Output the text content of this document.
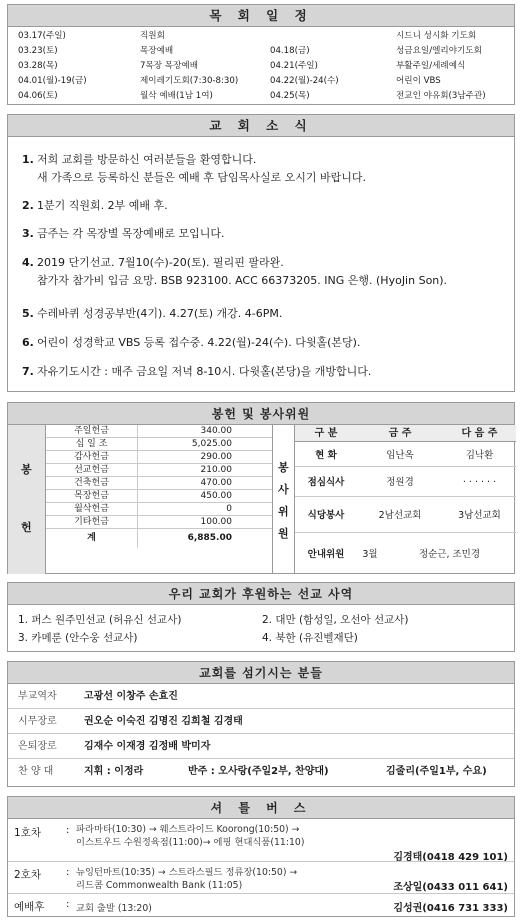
목 회 일 정
03.17(주일)	직원회	시드니 성시화 기도회
03.23(토)	목장예배	04.18(금)	성금요일/엘리야기도회
03.28(목)	7목장 목장예배	04.21(주일)	부활주일/세례예식
04.01(월)-19(금)	제이레기도회(7:30-8:30)	04.22(월)-24(수)	어린이 VBS
04.06(토)	월삭 예배(1남 1여)	04.25(목)	전교인 야유회(3남주관)
교 회 소 식
1. 저희 교회를 방문하신 여러분들을 환영합니다.
새 가족으로 등록하신 분들은 예배 후 담임목사실로 오시기 바랍니다.
2. 1분기 직원회. 2부 예배 후.
3. 금주는 각 목장별 목장예배로 모입니다.
4. 2019 단기선교. 7월10(수)-20(토). 필리핀 팔라완.
참가자 참가비 입금 요망. BSB 923100. ACC 66373205. ING 은행. (HyoJin Son).
5. 수레바퀴 성경공부반(4기). 4.27(토) 개강. 4-6PM.
6. 어린이 성경학교 VBS 등록 접수중. 4.22(월)-24(수). 다윗홀(본당).
7. 자유기도시간 : 매주 금요일 저녁 8-10시. 다윗홀(본당)을 개방합니다.
봉헌 및 봉사위원
봉
헌
주일헌금	340.00
십 일 조	5,025.00
감사헌금	290.00
선교헌금	210.00
건축헌금	470.00
목장헌금	450.00
월삭헌금	0
기타헌금	100.00
계	6,885.00
봉
사
위
원
구 분	금 주	다 음 주
현 화	임난옥	김낙환
점심식사	정원경	· · · · · ·
식당봉사	2남선교회	3남선교회
안내위원	3월	정순근, 조민경
우리 교회가 후원하는 선교 사역
1. 퍼스 원주민선교 (허유신 선교사)	2. 대만 (함성일, 오선아 선교사)
3. 카메룬 (안수웅 선교사)	4. 북한 (유진벨재단)
교회를 섬기시는 분들
부교역자	고광선 이창주 손효진
시무장로	권오순 이숙진 김명진 김희철 김경태
은퇴장로	김재수 이재경 김정배 박미자
찬 양 대	지휘 : 이정라	반주 : 오사랑(주일2부, 찬양대)	김줄리(주일1부, 수요)
셔 틀 버 스
1호차	: 파라마타(10:30) → 웨스트라이드 Koorong(10:50) →
이스트우드 수원정육점(11:00)→ 에핑 현대식품(11:10)
김경태(0418 429 101)
2호차	: 뉴잉턴마트(10:35) → 스트라스필드 정류장(10:50) →
리드콤 Commonwealth Bank (11:05)	조상일(0433 011 641)
예배후 : 교회 출발 (13:20)	김성권(0416 731 333)
